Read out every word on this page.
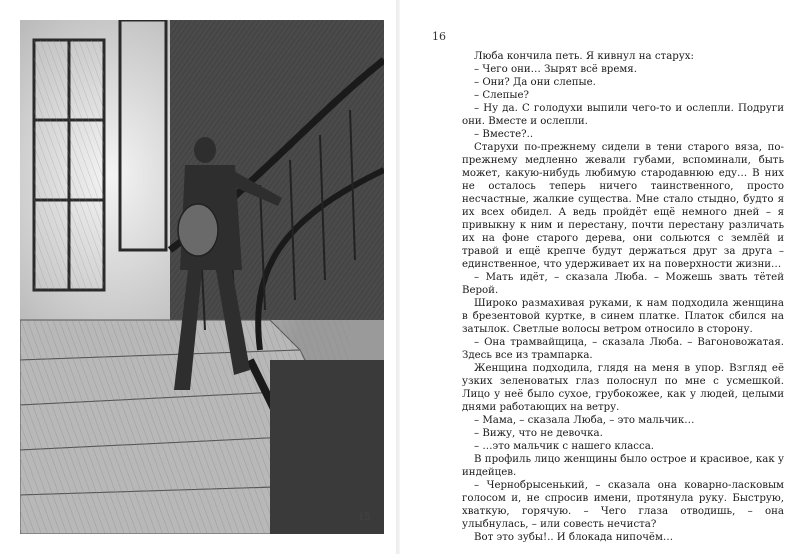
15
16

Люба кончила петь. Я кивнул на старух:

– Чего они… Зырят всё время.

– Они? Да они слепые.

– Слепые?

– Ну да. С голодухи выпили чего-то и ослепли. Подруги они. Вместе и ослепли.

– Вместе?..

Старухи по-прежнему сидели в тени старого вяза, по-прежнему медленно жевали губами, вспоминали, быть может, какую-нибудь любимую стародавнюю еду… В них не осталось теперь ничего таинственного, просто несчастные, жалкие существа. Мне стало стыдно, будто я их всех обидел. А ведь пройдёт ещё немного дней – я привыкну к ним и перестану, почти перестану различать их на фоне старого дерева, они сольются с землёй и травой и ещё крепче будут держаться друг за друга – единственное, что удерживает их на поверхности жизни…

– Мать идёт, – сказала Люба. – Можешь звать тётей Верой.

Широко размахивая руками, к нам подходила женщина в брезентовой куртке, в синем платке. Платок сбился на затылок. Светлые волосы ветром относило в сторону.

– Она трамвайщица, – сказала Люба. – Вагоновожатая. Здесь все из трампарка.

Женщина подходила, глядя на меня в упор. Взгляд её узких зеленоватых глаз полоснул по мне с усмешкой. Лицо у неё было сухое, грубокожее, как у людей, целыми днями работающих на ветру.

– Мама, – сказала Люба, – это мальчик…

– Вижу, что не девочка.

– …это мальчик с нашего класса.

В профиль лицо женщины было острое и красивое, как у индейцев.

– Чернобрысенький, – сказала она коварно-ласковым голосом и, не спросив имени, протянула руку. Быструю, хваткую, горячую. – Чего глаза отводишь, – она улыбнулась, – или совесть нечиста?

Вот это зубы!.. И блокада нипочём…
